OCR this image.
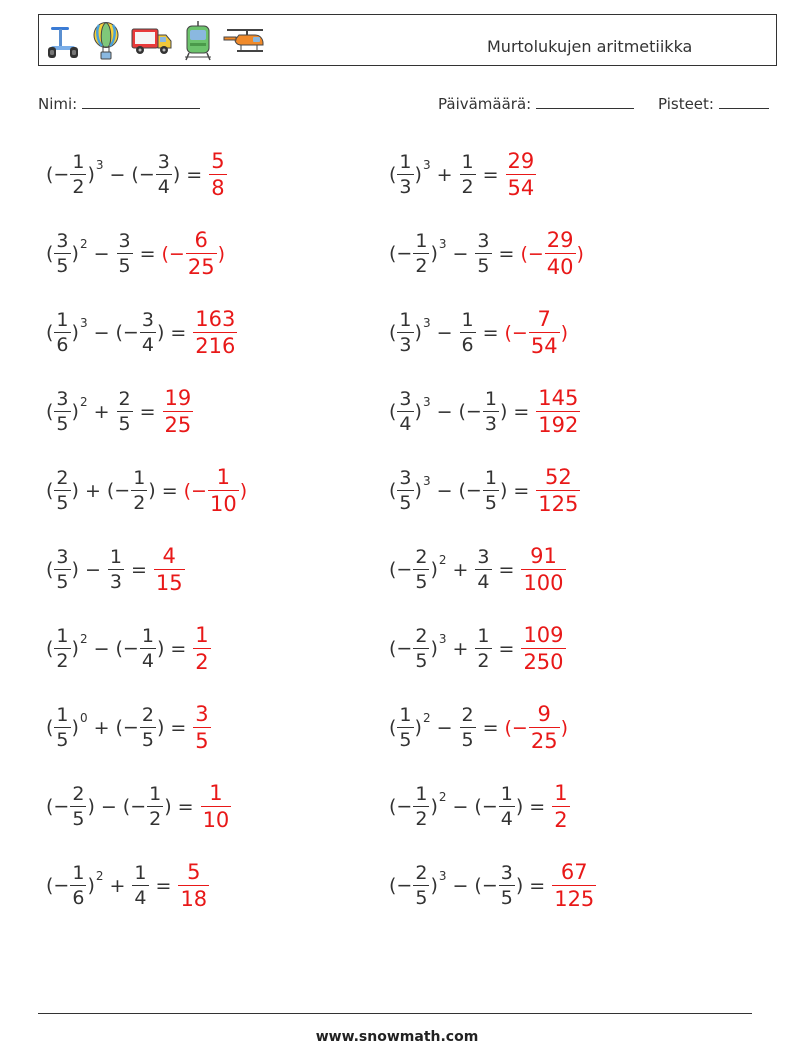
Murtolukujen aritmetiikka
Nimi:	Päivämäärä:	Pisteet:
(− $\frac{1}{2} )^3$ − (− $\frac{3}{4}$ ) = $\frac{5}{8}$	( $\frac{1}{3} )^3 + \frac{1}{2} = \frac{29}{54}$
( $\frac{3}{5} )^2 - \frac{3}{5}$ = (− $\frac{6}{25}$ )	(− $\frac{1}{2} )^3 - \frac{3}{5}$ = (− $\frac{29}{40}$ )
( $\frac{1}{6} )^3$ − (− $\frac{3}{4}$ ) = $\frac{163}{216}$	( $\frac{1}{3} )^3 - \frac{1}{6}$ = (− $\frac{7}{54}$ )
( $\frac{3}{5} )^2 + \frac{2}{5} = \frac{19}{25}$	( $\frac{3}{4} )^3$ − (− $\frac{1}{3}$ ) = $\frac{145}{192}$
( $\frac{2}{5}$ ) + (− $\frac{1}{2}$ ) = (− $\frac{1}{10}$ )	( $\frac{3}{5} )^3$ − (− $\frac{1}{5}$ ) = $\frac{52}{125}$
( $\frac{3}{5}$ ) − $\frac{1}{3} = \frac{4}{15}$	(− $\frac{2}{5} )^2 + \frac{3}{4} = \frac{91}{100}$
( $\frac{1}{2} )^2$ − (− $\frac{1}{4}$ ) = $\frac{1}{2}$	(− $\frac{2}{5} )^3 + \frac{1}{2} = \frac{109}{250}$
( $\frac{1}{5} )^0$ + (− $\frac{2}{5}$ ) = $\frac{3}{5}$	( $\frac{1}{5} )^2 - \frac{2}{5}$ = (− $\frac{9}{25}$ )
(− $\frac{2}{5}$ ) − (− $\frac{1}{2}$ ) = $\frac{1}{10}$	(− $\frac{1}{2} )^2$ − (− $\frac{1}{4}$ ) = $\frac{1}{2}$
(− $\frac{1}{6} )^2 + \frac{1}{4} = \frac{5}{18}$	(− $\frac{2}{5} )^3$ − (− $\frac{3}{5}$ ) = $\frac{67}{125}$
www.snowmath.com
